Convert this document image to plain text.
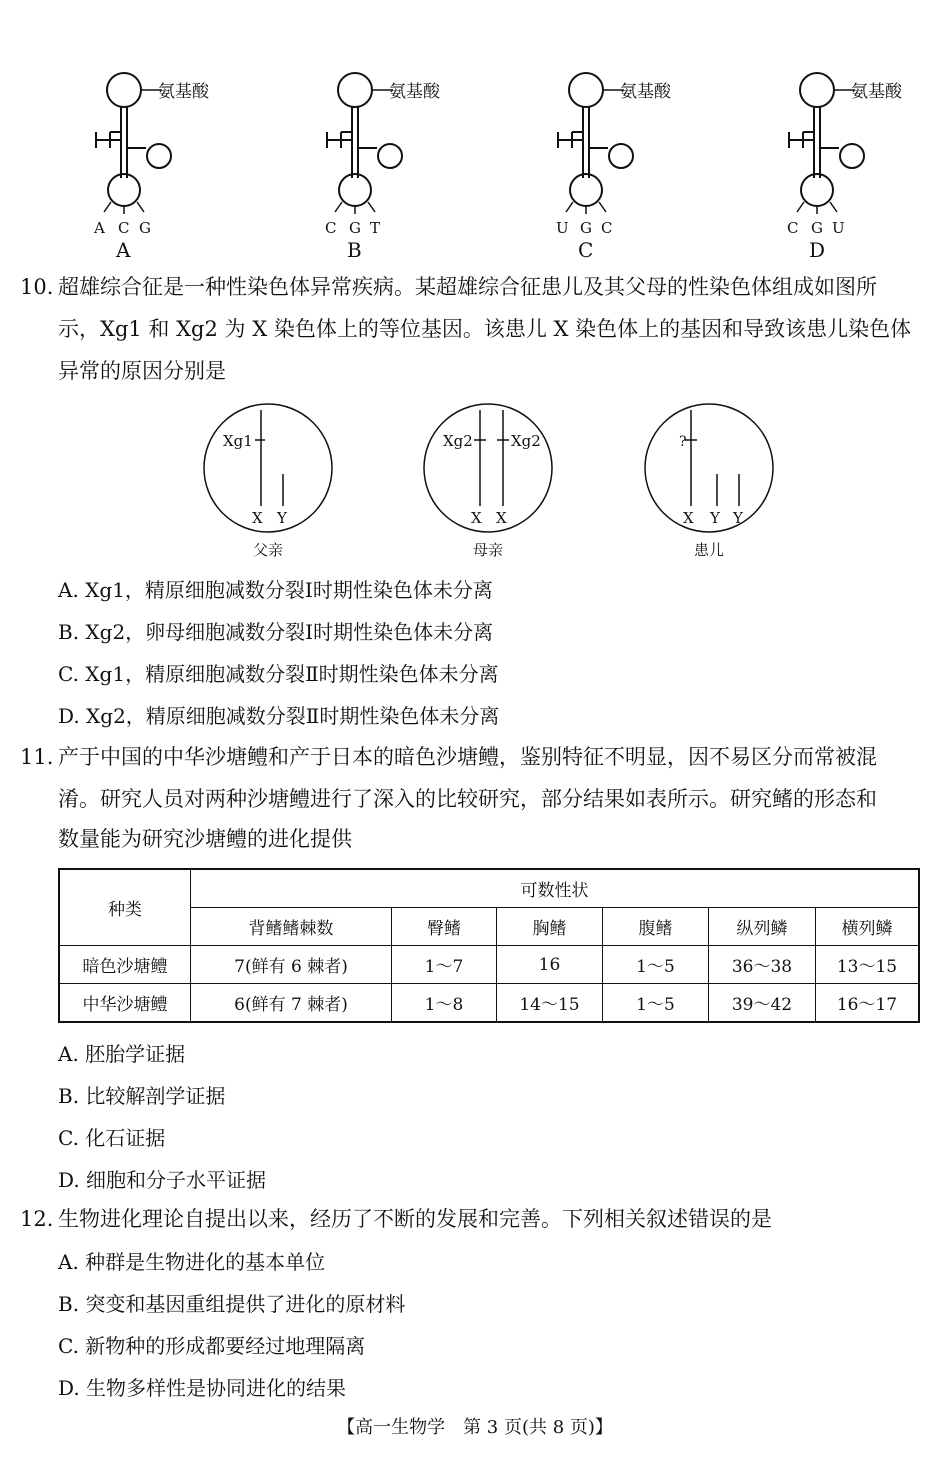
氨基酸
A C G
A
氨基酸
C G T
B
氨基酸
U G C
C
氨基酸
C G U
D
10. 超雄综合征是一种性染色体异常疾病。某超雄综合征患儿及其父母的性染色体组成如图所
示，Xg1 和 Xg2 为 X 染色体上的等位基因。该患儿 X 染色体上的基因和导致该患儿染色体
异常的原因分别是
Xg1
X Y
父亲
Xg2	Xg2
X X
母亲
?
X Y Y
患儿
A. Xg1，精原细胞减数分裂Ⅰ时期性染色体未分离
B. Xg2，卵母细胞减数分裂Ⅰ时期性染色体未分离
C. Xg1，精原细胞减数分裂Ⅱ时期性染色体未分离
D. Xg2，精原细胞减数分裂Ⅱ时期性染色体未分离
11. 产于中国的中华沙塘鳢和产于日本的暗色沙塘鳢，鉴别特征不明显，因不易区分而常被混
淆。研究人员对两种沙塘鳢进行了深入的比较研究，部分结果如表所示。研究鳍的形态和
数量能为研究沙塘鳢的进化提供
种类	可数性状					
	背鳍鳍棘数	臀鳍	胸鳍	腹鳍	纵列鳞	横列鳞
暗色沙塘鳢	7(鲜有 6 棘者)	1～7	16	1～5	36～38	13～15
中华沙塘鳢	6(鲜有 7 棘者)	1～8	14～15	1～5	39～42	16～17
A. 胚胎学证据
B. 比较解剖学证据
C. 化石证据
D. 细胞和分子水平证据
12. 生物进化理论自提出以来，经历了不断的发展和完善。下列相关叙述错误的是
A. 种群是生物进化的基本单位
B. 突变和基因重组提供了进化的原材料
C. 新物种的形成都要经过地理隔离
D. 生物多样性是协同进化的结果
【高一生物学　第 3 页(共 8 页)】
